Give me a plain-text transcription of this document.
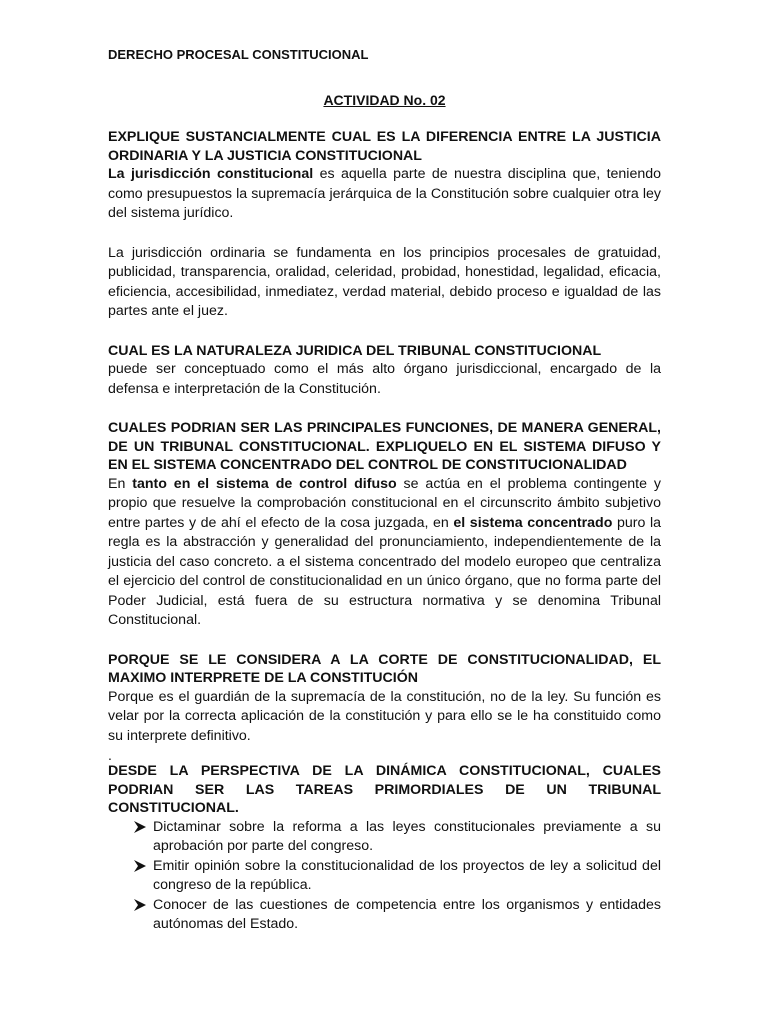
DERECHO PROCESAL CONSTITUCIONAL
ACTIVIDAD No. 02
EXPLIQUE SUSTANCIALMENTE CUAL ES LA DIFERENCIA ENTRE LA JUSTICIA ORDINARIA Y LA JUSTICIA CONSTITUCIONAL
La jurisdicción constitucional es aquella parte de nuestra disciplina que, teniendo como presupuestos la supremacía jerárquica de la Constitución sobre cualquier otra ley del sistema jurídico.
La jurisdicción ordinaria se fundamenta en los principios procesales de gratuidad, publicidad, transparencia, oralidad, celeridad, probidad, honestidad, legalidad, eficacia, eficiencia, accesibilidad, inmediatez, verdad material, debido proceso e igualdad de las partes ante el juez.
CUAL ES LA NATURALEZA JURIDICA DEL TRIBUNAL CONSTITUCIONAL
puede ser conceptuado como el más alto órgano jurisdiccional, encargado de la defensa e interpretación de la Constitución.
CUALES PODRIAN SER LAS PRINCIPALES FUNCIONES, DE MANERA GENERAL, DE UN TRIBUNAL CONSTITUCIONAL. EXPLIQUELO EN EL SISTEMA DIFUSO Y EN EL SISTEMA CONCENTRADO DEL CONTROL DE CONSTITUCIONALIDAD
En tanto en el sistema de control difuso se actúa en el problema contingente y propio que resuelve la comprobación constitucional en el circunscrito ámbito subjetivo entre partes y de ahí el efecto de la cosa juzgada, en el sistema concentrado puro la regla es la abstracción y generalidad del pronunciamiento, independientemente de la justicia del caso concreto. a el sistema concentrado del modelo europeo que centraliza el ejercicio del control de constitucionalidad en un único órgano, que no forma parte del Poder Judicial, está fuera de su estructura normativa y se denomina Tribunal Constitucional.
PORQUE SE LE CONSIDERA A LA CORTE DE CONSTITUCIONALIDAD, EL MAXIMO INTERPRETE DE LA CONSTITUCIÓN
Porque es el guardián de la supremacía de la constitución, no de la ley. Su función es velar por la correcta aplicación de la constitución y para ello se le ha constituido como su interprete definitivo.
.
DESDE LA PERSPECTIVA DE LA DINÁMICA CONSTITUCIONAL, CUALES PODRIAN SER LAS TAREAS PRIMORDIALES DE UN TRIBUNAL CONSTITUCIONAL.
Dictaminar sobre la reforma a las leyes constitucionales previamente a su aprobación por parte del congreso.
Emitir opinión sobre la constitucionalidad de los proyectos de ley a solicitud del congreso de la república.
Conocer de las cuestiones de competencia entre los organismos y entidades autónomas del Estado.
